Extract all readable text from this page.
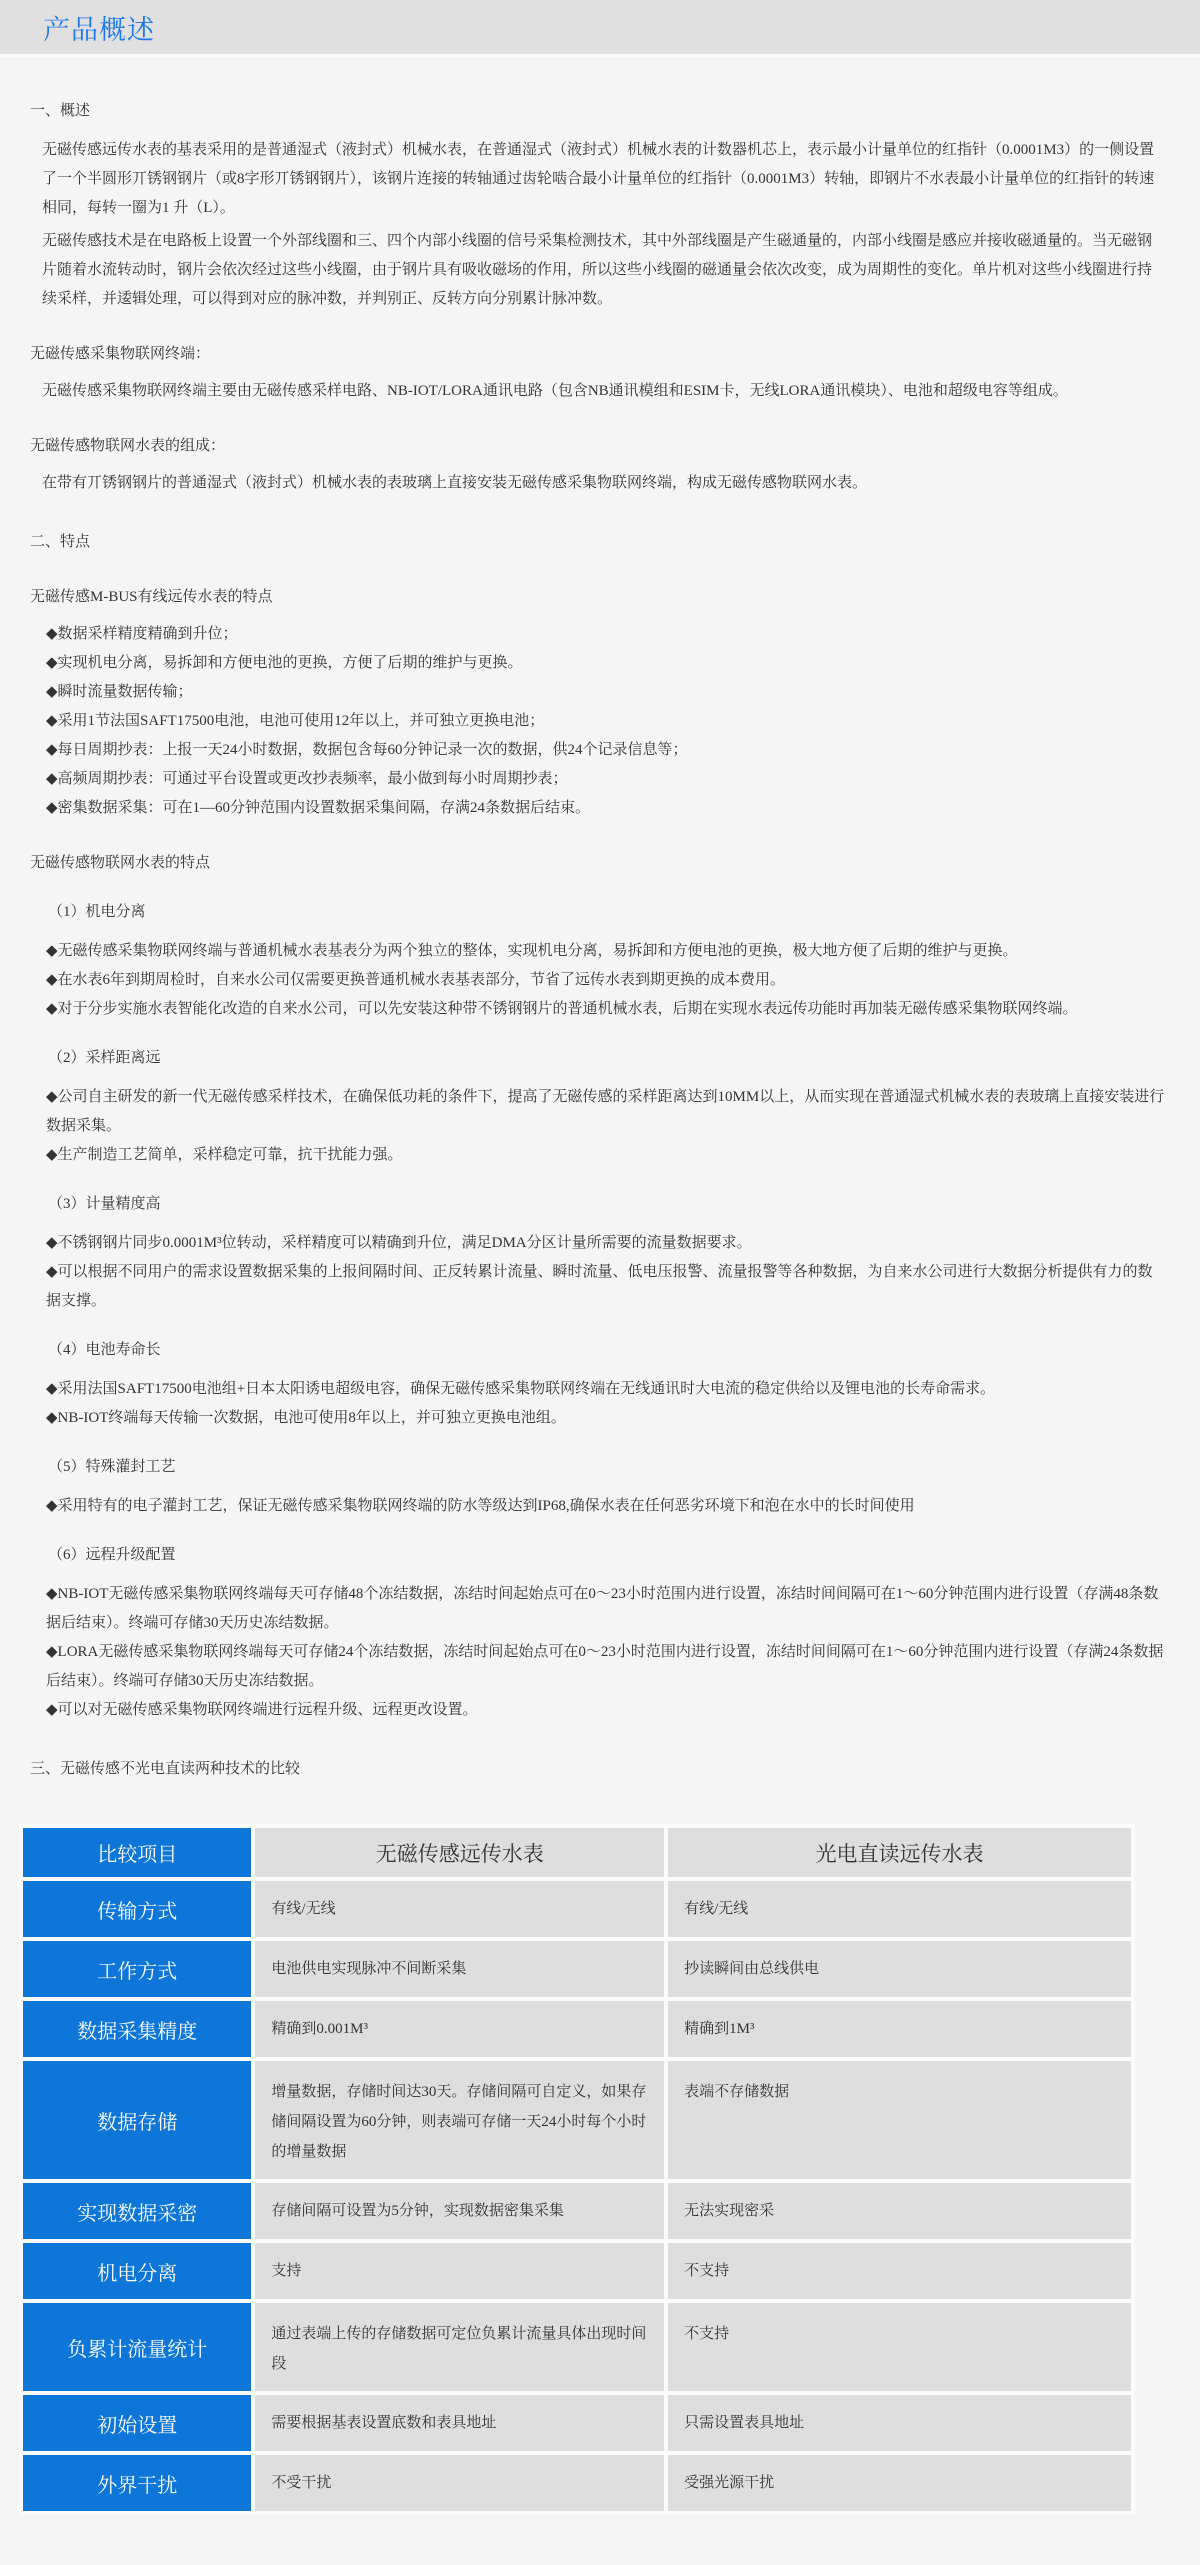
产品概述

一、概述

无磁传感远传水表的基表采用的是普通湿式（液封式）机械水表，在普通湿式（液封式）机械水表的计数器机芯上，表示最小计量单位的红指针（0.0001M3）的一侧设置了一个半圆形丌锈钢钢片（或8字形丌锈钢钢片），该钢片连接的转轴通过齿轮啮合最小计量单位的红指针（0.0001M3）转轴，即钢片不水表最小计量单位的红指针的转速相同，每转一圈为1 升（L）。

无磁传感技术是在电路板上设置一个外部线圈和三、四个内部小线圈的信号采集检测技术，其中外部线圈是产生磁通量的，内部小线圈是感应并接收磁通量的。当无磁钢片随着水流转动时，钢片会依次经过这些小线圈，由于钢片具有吸收磁场的作用，所以这些小线圈的磁通量会依次改变，成为周期性的变化。单片机对这些小线圈进行持续采样，并逶辑处理，可以得到对应的脉冲数，并判别正、反转方向分别累计脉冲数。

无磁传感采集物联网终端：

无磁传感采集物联网终端主要由无磁传感采样电路、NB-IOT/LORA通讯电路（包含NB通讯模组和ESIM卡，无线LORA通讯模块）、电池和超级电容等组成。

无磁传感物联网水表的组成：

在带有丌锈钢钢片的普通湿式（液封式）机械水表的表玻璃上直接安装无磁传感采集物联网终端，构成无磁传感物联网水表。

二、特点

无磁传感M-BUS有线远传水表的特点

◆数据采样精度精确到升位；

◆实现机电分离，易拆卸和方便电池的更换，方便了后期的维护与更换。

◆瞬时流量数据传输；

◆采用1节法国SAFT17500电池，电池可使用12年以上，并可独立更换电池；

◆每日周期抄表：上报一天24小时数据，数据包含每60分钟记录一次的数据，供24个记录信息等；

◆高频周期抄表：可通过平台设置或更改抄表频率，最小做到每小时周期抄表；

◆密集数据采集：可在1—60分钟范围内设置数据采集间隔，存满24条数据后结束。

无磁传感物联网水表的特点

（1）机电分离

◆无磁传感采集物联网终端与普通机械水表基表分为两个独立的整体，实现机电分离，易拆卸和方便电池的更换，极大地方便了后期的维护与更换。

◆在水表6年到期周检时，自来水公司仅需要更换普通机械水表基表部分，节省了远传水表到期更换的成本费用。

◆对于分步实施水表智能化改造的自来水公司，可以先安装这种带不锈钢钢片的普通机械水表，后期在实现水表远传功能时再加装无磁传感采集物联网终端。

（2）采样距离远

◆公司自主研发的新一代无磁传感采样技术，在确保低功耗的条件下，提高了无磁传感的采样距离达到10MM以上，从而实现在普通湿式机械水表的表玻璃上直接安装进行数据采集。

◆生产制造工艺简单，采样稳定可靠，抗干扰能力强。

（3）计量精度高

◆不锈钢钢片同步0.0001M³位转动，采样精度可以精确到升位，满足DMA分区计量所需要的流量数据要求。

◆可以根据不同用户的需求设置数据采集的上报间隔时间、正反转累计流量、瞬时流量、低电压报警、流量报警等各种数据，为自来水公司进行大数据分析提供有力的数据支撑。

（4）电池寿命长

◆采用法国SAFT17500电池组+日本太阳诱电超级电容，确保无磁传感采集物联网终端在无线通讯时大电流的稳定供给以及锂电池的长寿命需求。

◆NB-IOT终端每天传输一次数据，电池可使用8年以上，并可独立更换电池组。

（5）特殊灌封工艺

◆采用特有的电子灌封工艺，保证无磁传感采集物联网终端的防水等级达到IP68,确保水表在任何恶劣环境下和泡在水中的长时间使用

（6）远程升级配置

◆NB-IOT无磁传感采集物联网终端每天可存储48个冻结数据，冻结时间起始点可在0～23小时范围内进行设置，冻结时间间隔可在1～60分钟范围内进行设置（存满48条数据后结束）。终端可存储30天历史冻结数据。

◆LORA无磁传感采集物联网终端每天可存储24个冻结数据，冻结时间起始点可在0～23小时范围内进行设置，冻结时间间隔可在1～60分钟范围内进行设置（存满24条数据后结束）。终端可存储30天历史冻结数据。

◆可以对无磁传感采集物联网终端进行远程升级、远程更改设置。

三、无磁传感不光电直读两种技术的比较

比较项目	无磁传感远传水表	光电直读远传水表
传输方式	有线/无线	有线/无线
工作方式	电池供电实现脉冲不间断采集	抄读瞬间由总线供电
数据采集精度	精确到0.001M³	精确到1M³
数据存储	增量数据，存储时间达30天。存储间隔可自定义，如果存储间隔设置为60分钟，则表端可存储一天24小时每个小时的增量数据	表端不存储数据
实现数据采密	存储间隔可设置为5分钟，实现数据密集采集	无法实现密采
机电分离	支持	不支持
负累计流量统计	通过表端上传的存储数据可定位负累计流量具体出现时间段	不支持
初始设置	需要根据基表设置底数和表具地址	只需设置表具地址
外界干扰	不受干扰	受强光源干扰
